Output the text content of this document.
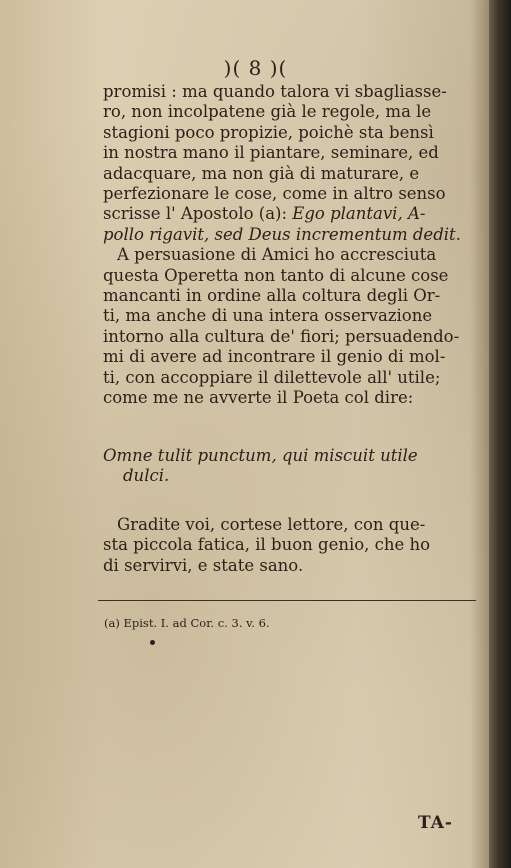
)( 8 )(
promisi : ma quando talora vi sbagliasse-
ro, non incolpatene già le regole, ma le
stagioni poco propizie, poichè sta bensì
in nostra mano il piantare, seminare, ed
adacquare, ma non già di maturare, e
perfezionare le cose, come in altro senso
scrisse l' Apostolo (a): Ego plantavi, A-
pollo rigavit, sed Deus incrementum dedit.
A persuasione di Amici ho accresciuta
questa Operetta non tanto di alcune cose
mancanti in ordine alla coltura degli Or-
ti, ma anche di una intera osservazione
intorno alla cultura de' fiori; persuadendo-
mi di avere ad incontrare il genio di mol-
ti, con accoppiare il dilettevole all' utile;
come me ne avverte il Poeta col dire:
Omne tulit punctum, qui miscuit utile
dulci.
Gradite voi, cortese lettore, con que-
sta piccola fatica, il buon genio, che ho
di servirvi, e state sano.
(a) Epist. I. ad Cor. c. 3. v. 6.
TA-
